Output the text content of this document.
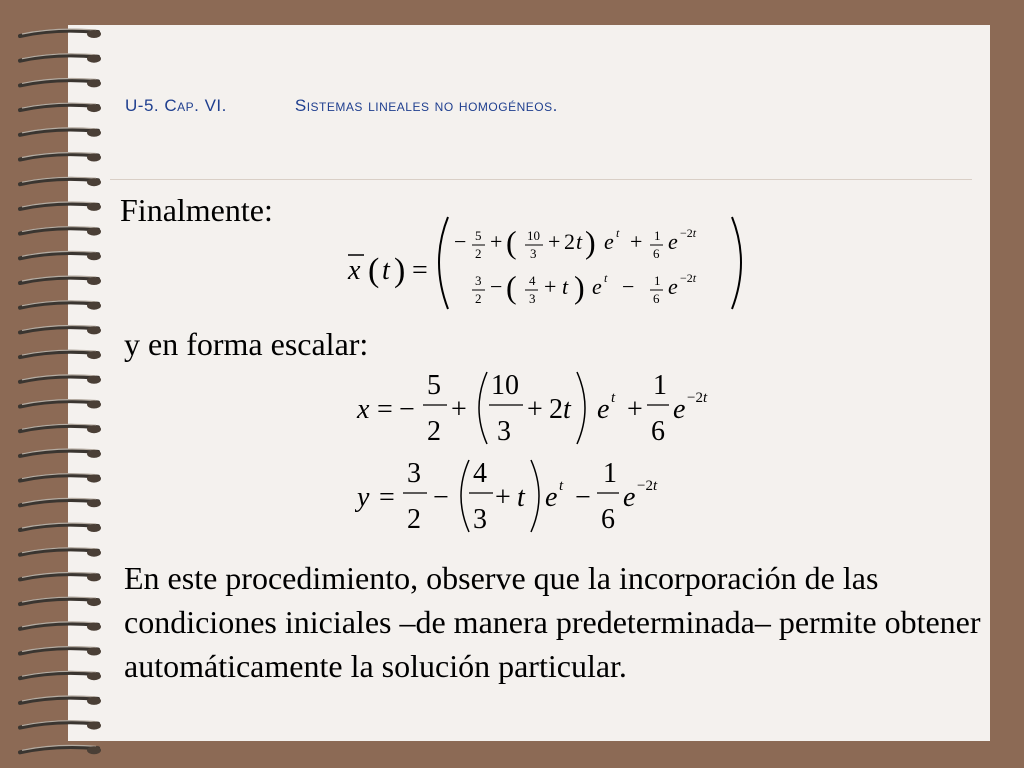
U-5. Cap. VI.	Sistemas lineales no homogéneos.
Finalmente:
x ( t ) =
− 5
2 + ( 10
3 + 2 t ) e t + 1
6 e −2t
3
2 − ( 4
3 + t ) e t − 1
6 e −2t
y en forma escalar:
x = −
5
2
+
10
3
+ 2 t e t +
1
6
e −2t
y =
3
2
−
4
3
+ t e t −
1
6
e −2t
En este procedimiento, observe que la incorporación de las condiciones iniciales –de manera predeterminada– permite obtener automáticamente la solución particular.
